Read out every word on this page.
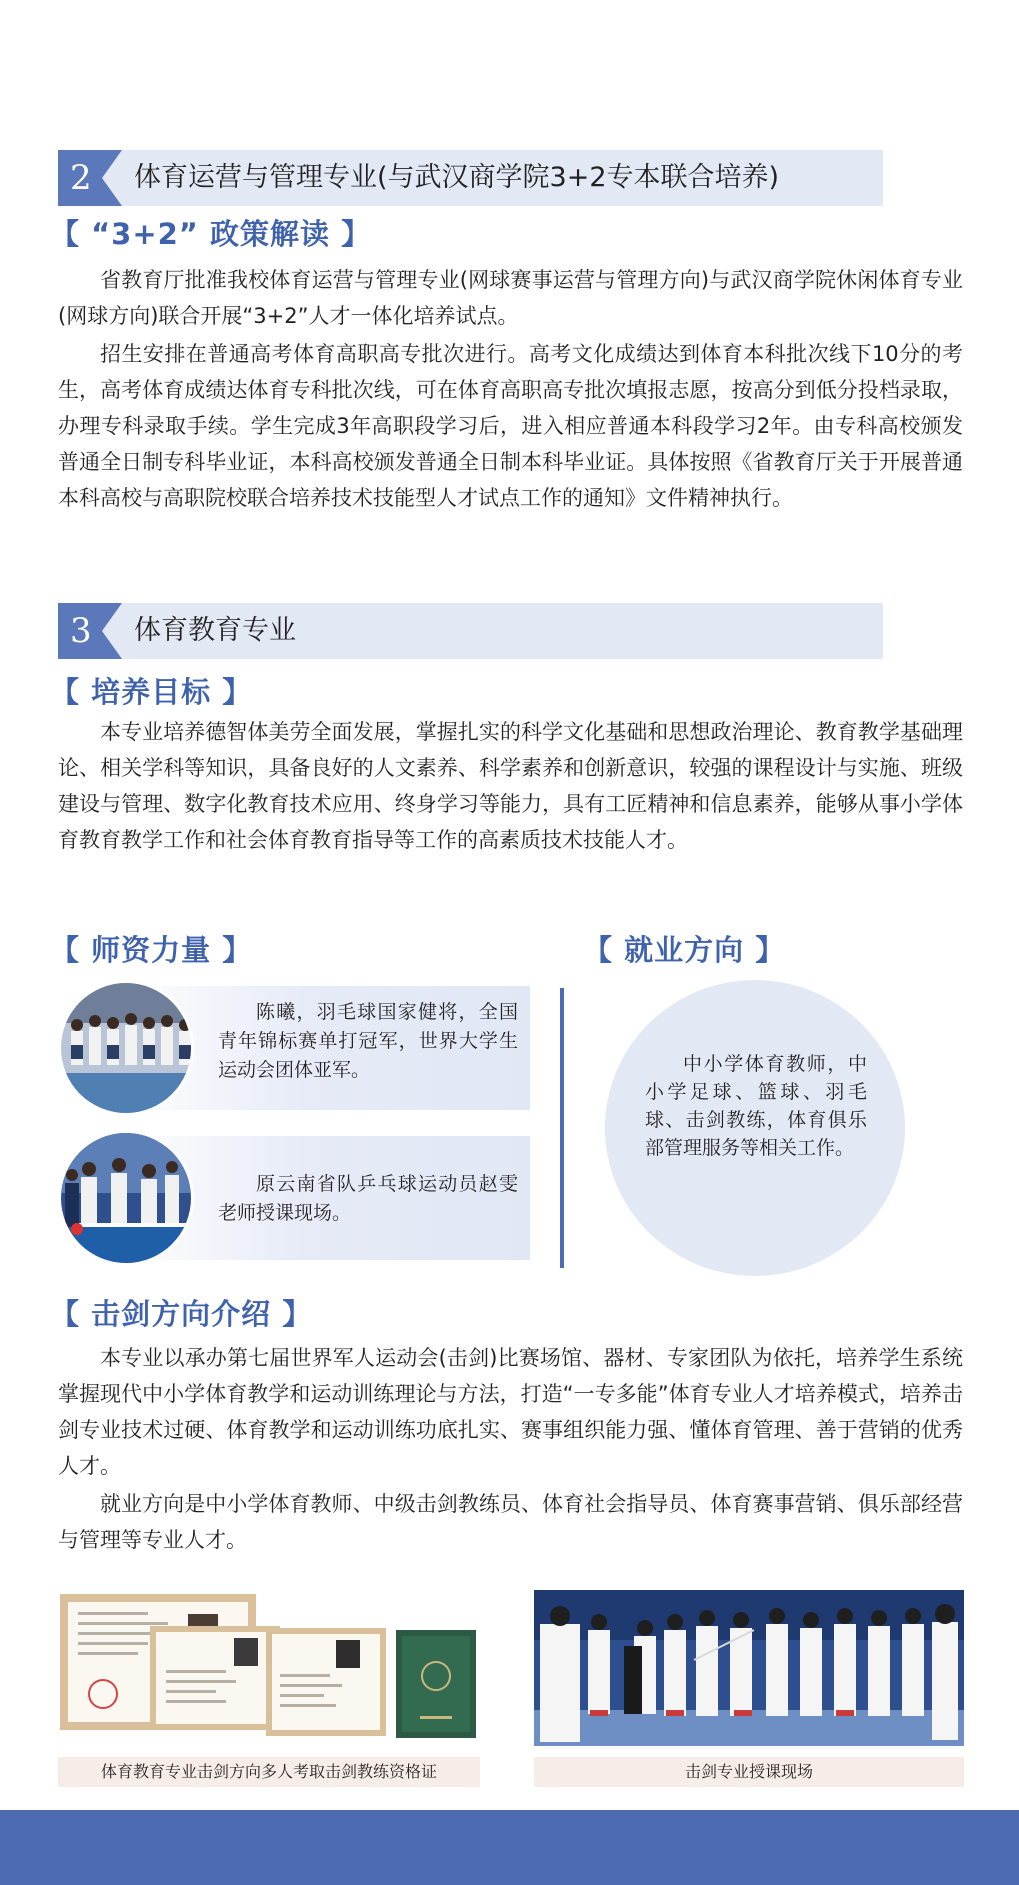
2	体育运营与管理专业(与武汉商学院3+2专本联合培养)
【 “3+2” 政策解读 】
省教育厅批准我校体育运营与管理专业(网球赛事运营与管理方向)与武汉商学院休闲体育专业(网球方向)联合开展“3+2”人才一体化培养试点。
招生安排在普通高考体育高职高专批次进行。高考文化成绩达到体育本科批次线下10分的考生，高考体育成绩达体育专科批次线，可在体育高职高专批次填报志愿，按高分到低分投档录取，办理专科录取手续。学生完成3年高职段学习后，进入相应普通本科段学习2年。由专科高校颁发普通全日制专科毕业证，本科高校颁发普通全日制本科毕业证。具体按照《省教育厅关于开展普通本科高校与高职院校联合培养技术技能型人才试点工作的通知》文件精神执行。
3	体育教育专业
【 培养目标 】
本专业培养德智体美劳全面发展，掌握扎实的科学文化基础和思想政治理论、教育教学基础理论、相关学科等知识，具备良好的人文素养、科学素养和创新意识，较强的课程设计与实施、班级建设与管理、数字化教育技术应用、终身学习等能力，具有工匠精神和信息素养，能够从事小学体育教育教学工作和社会体育教育指导等工作的高素质技术技能人才。
【 师资力量 】
陈曦，羽毛球国家健将，全国青年锦标赛单打冠军，世界大学生运动会团体亚军。
原云南省队乒乓球运动员赵雯老师授课现场。
【 就业方向 】
中小学体育教师，中小学足球、篮球、羽毛球、击剑教练，体育俱乐部管理服务等相关工作。
【 击剑方向介绍 】
本专业以承办第七届世界军人运动会(击剑)比赛场馆、器材、专家团队为依托，培养学生系统掌握现代中小学体育教学和运动训练理论与方法，打造“一专多能”体育专业人才培养模式，培养击剑专业技术过硬、体育教学和运动训练功底扎实、赛事组织能力强、懂体育管理、善于营销的优秀人才。
就业方向是中小学体育教师、中级击剑教练员、体育社会指导员、体育赛事营销、俱乐部经营与管理等专业人才。
体育教育专业击剑方向多人考取击剑教练资格证	击剑专业授课现场
